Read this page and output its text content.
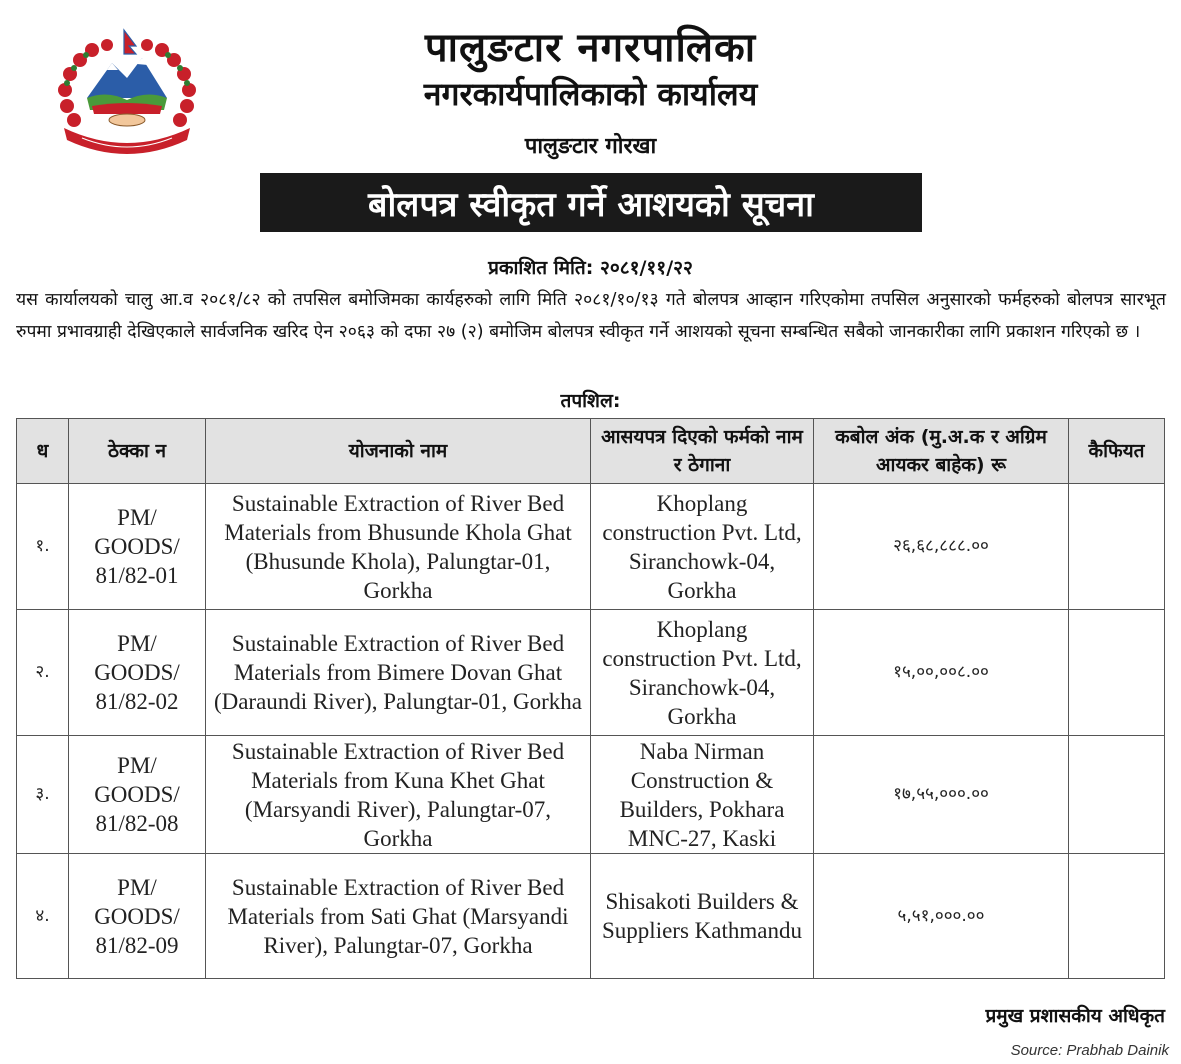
पालुङटार नगरपालिका
नगरकार्यपालिकाको कार्यालय
पालुङटार गोरखा
बोलपत्र स्वीकृत गर्ने आशयको सूचना
प्रकाशित मिति: २०८१/११/२२
यस कार्यालयको चालु आ.व २०८१/८२ को तपसिल बमोजिमका कार्यहरुको लागि मिति २०८१/१०/१३ गते बोलपत्र आव्हान गरिएकोमा तपसिल अनुसारको फर्महरुको बोलपत्र सारभूत रुपमा प्रभावग्राही देखिएकाले सार्वजनिक खरिद ऐन २०६३ को दफा २७ (२) बमोजिम बोलपत्र स्वीकृत गर्ने आशयको सूचना सम्बन्धित सबैको जानकारीका लागि प्रकाशन गरिएको छ ।
तपशिल:
ध	ठेक्का न	योजनाको नाम	आसयपत्र दिएको फर्मको नाम र ठेगाना	कबोल अंक (मु.अ.क र अग्रिम आयकर बाहेक) रू	कैफियत
१.	PM/ GOODS/ 81/82-01	Sustainable Extraction of River Bed Materials from Bhusunde Khola Ghat (Bhusunde Khola), Palungtar-01, Gorkha	Khoplang construction Pvt. Ltd, Siranchowk-04, Gorkha	२६,६८,८८८.००	
२.	PM/ GOODS/ 81/82-02	Sustainable Extraction of River Bed Materials from Bimere Dovan Ghat (Daraundi River), Palungtar-01, Gorkha	Khoplang construction Pvt. Ltd, Siranchowk-04, Gorkha	१५,००,००८.००	
३.	PM/ GOODS/ 81/82-08	Sustainable Extraction of River Bed Materials from Kuna Khet Ghat (Marsyandi River), Palungtar-07, Gorkha	Naba Nirman Construction & Builders, Pokhara MNC-27, Kaski	१७,५५,०००.००	
४.	PM/ GOODS/ 81/82-09	Sustainable Extraction of River Bed Materials from Sati Ghat (Marsyandi River), Palungtar-07, Gorkha	Shisakoti Builders & Suppliers Kathmandu	५,५१,०००.००	
प्रमुख प्रशासकीय अधिकृत
Source: Prabhab Dainik
